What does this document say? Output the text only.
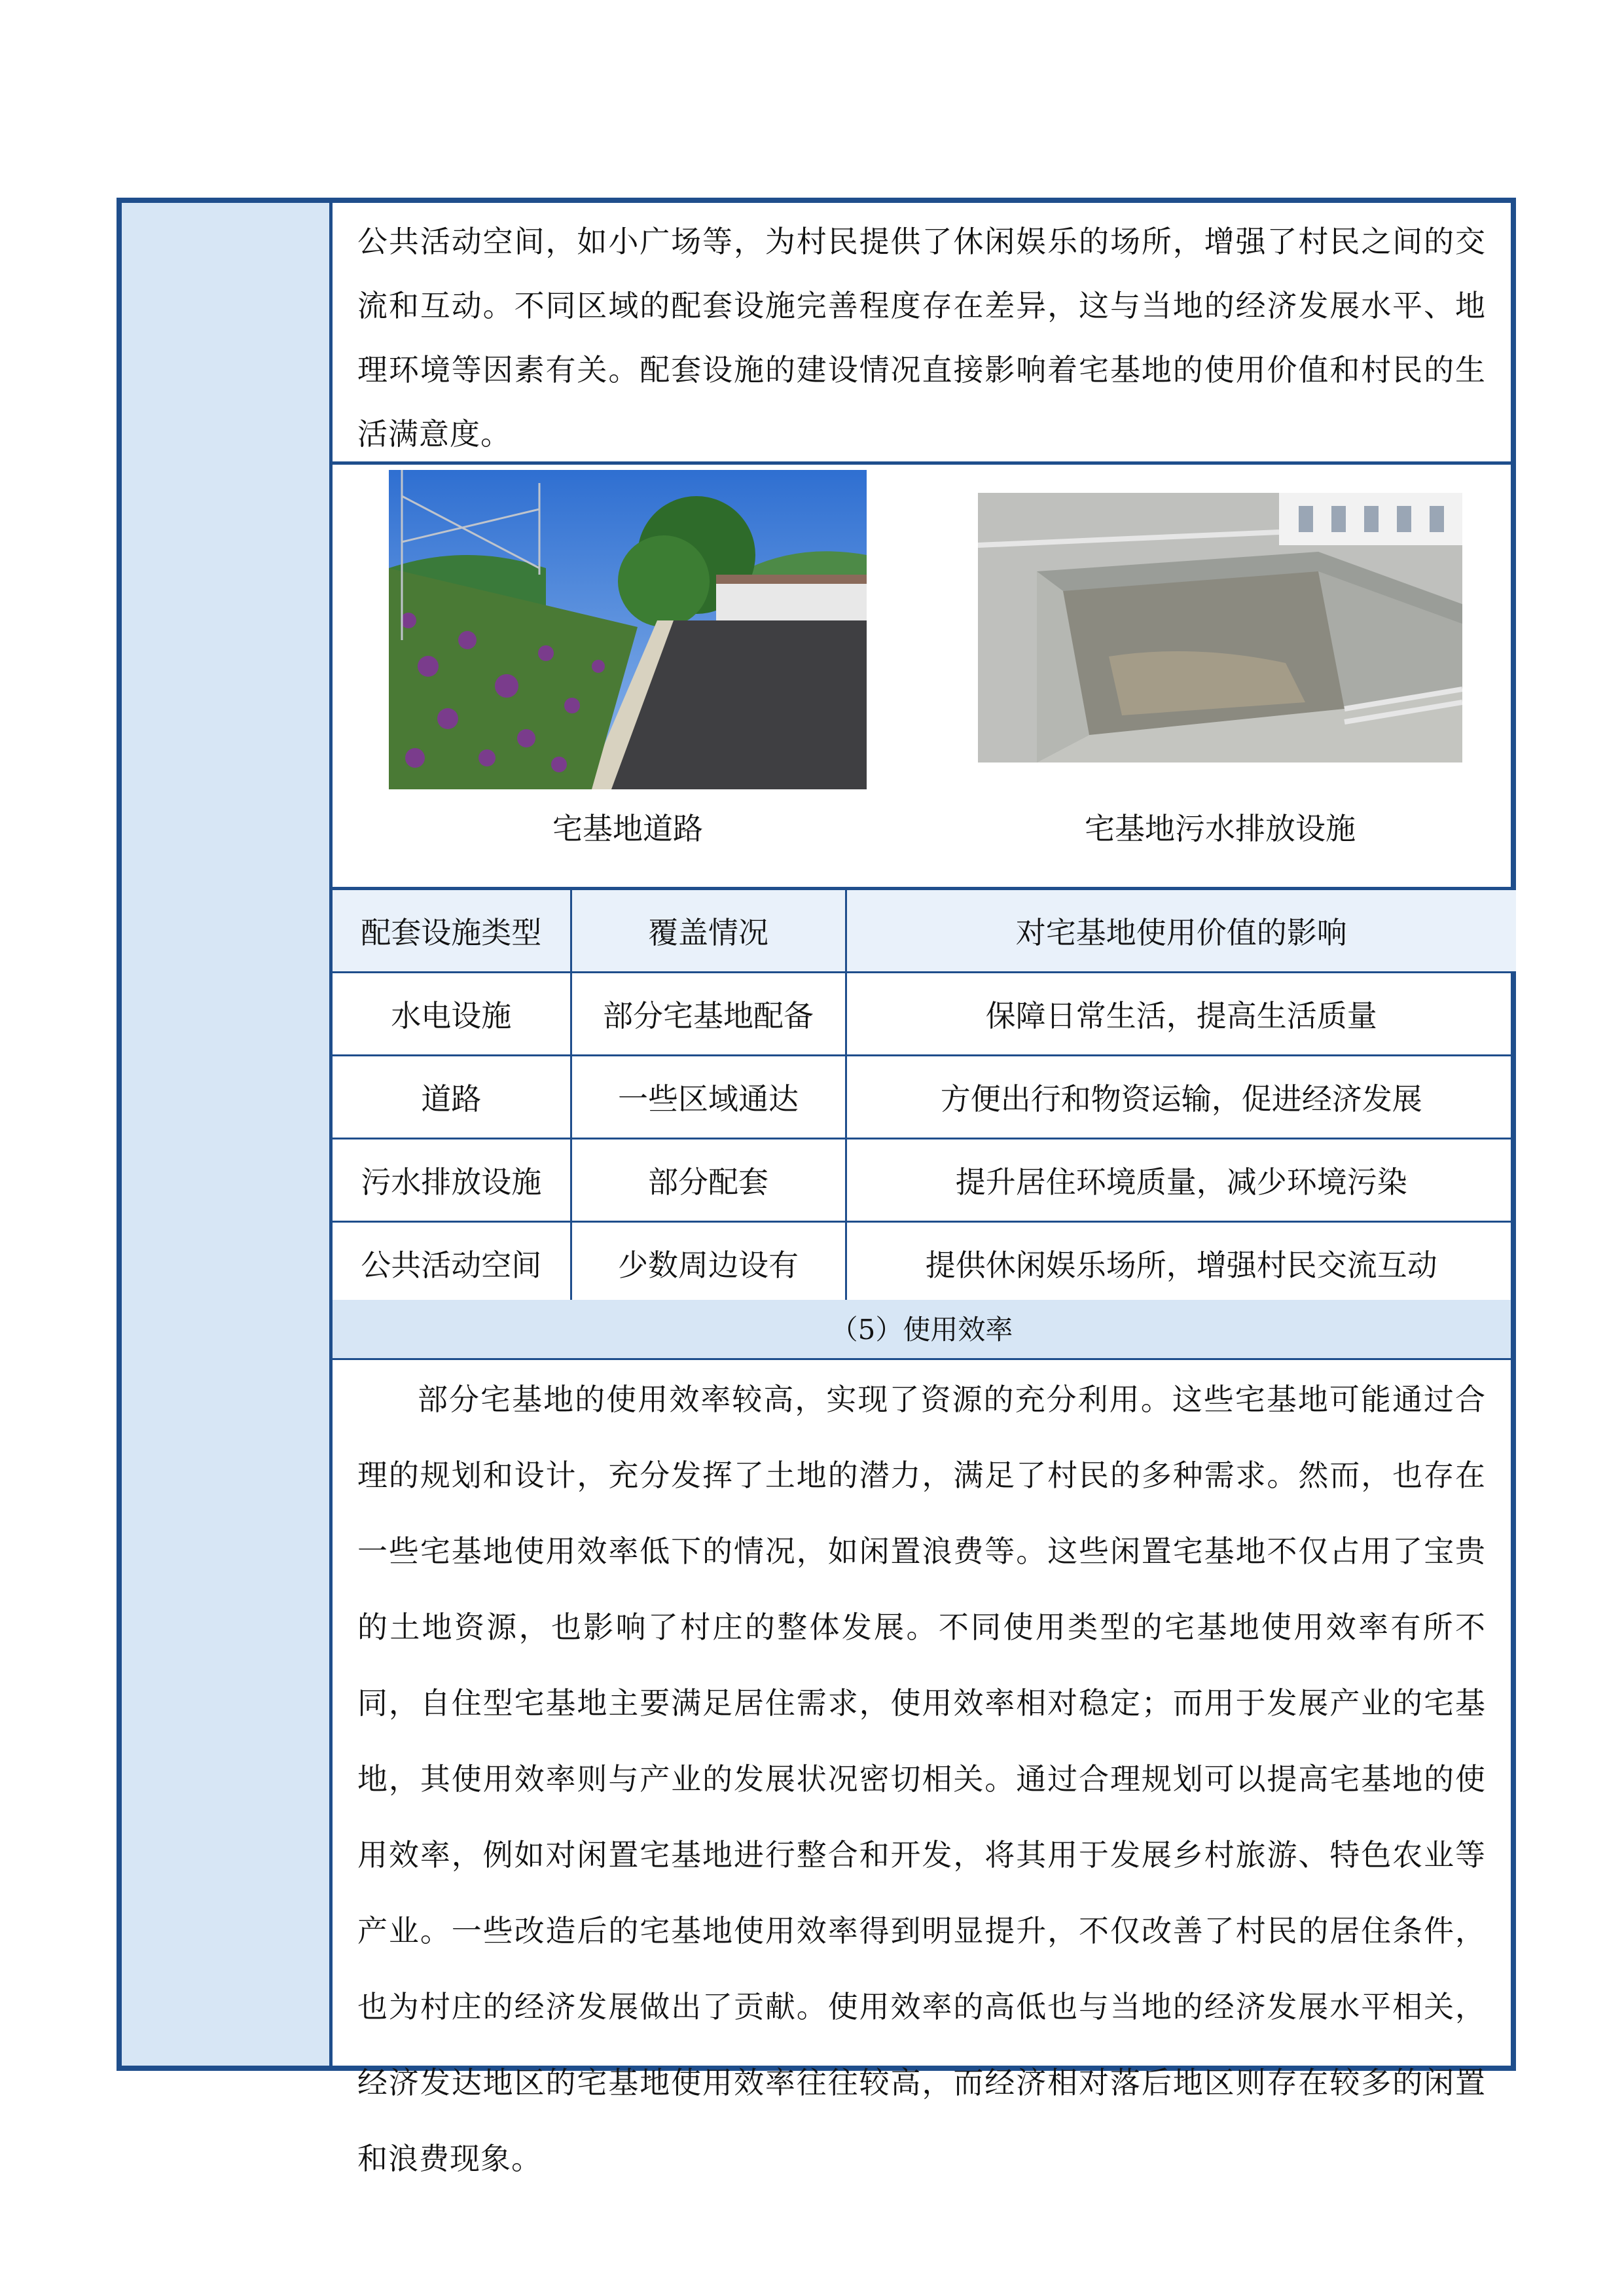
公共活动空间，如小广场等，为村民提供了休闲娱乐的场所，增强了村民之间的交流和互动。不同区域的配套设施完善程度存在差异，这与当地的经济发展水平、地理环境等因素有关。配套设施的建设情况直接影响着宅基地的使用价值和村民的生活满意度。

宅基地道路	宅基地污水排放设施
配套设施类型	覆盖情况	对宅基地使用价值的影响
水电设施	部分宅基地配备	保障日常生活，提高生活质量
道路	一些区域通达	方便出行和物资运输，促进经济发展
污水排放设施	部分配套	提升居住环境质量，减少环境污染
公共活动空间	少数周边设有	提供休闲娱乐场所，增强村民交流互动
（5）使用效率

部分宅基地的使用效率较高，实现了资源的充分利用。这些宅基地可能通过合理的规划和设计，充分发挥了土地的潜力，满足了村民的多种需求。然而，也存在一些宅基地使用效率低下的情况，如闲置浪费等。这些闲置宅基地不仅占用了宝贵的土地资源，也影响了村庄的整体发展。不同使用类型的宅基地使用效率有所不同，自住型宅基地主要满足居住需求，使用效率相对稳定；而用于发展产业的宅基地，其使用效率则与产业的发展状况密切相关。通过合理规划可以提高宅基地的使用效率，例如对闲置宅基地进行整合和开发，将其用于发展乡村旅游、特色农业等产业。一些改造后的宅基地使用效率得到明显提升，不仅改善了村民的居住条件，也为村庄的经济发展做出了贡献。使用效率的高低也与当地的经济发展水平相关，经济发达地区的宅基地使用效率往往较高，而经济相对落后地区则存在较多的闲置和浪费现象。
